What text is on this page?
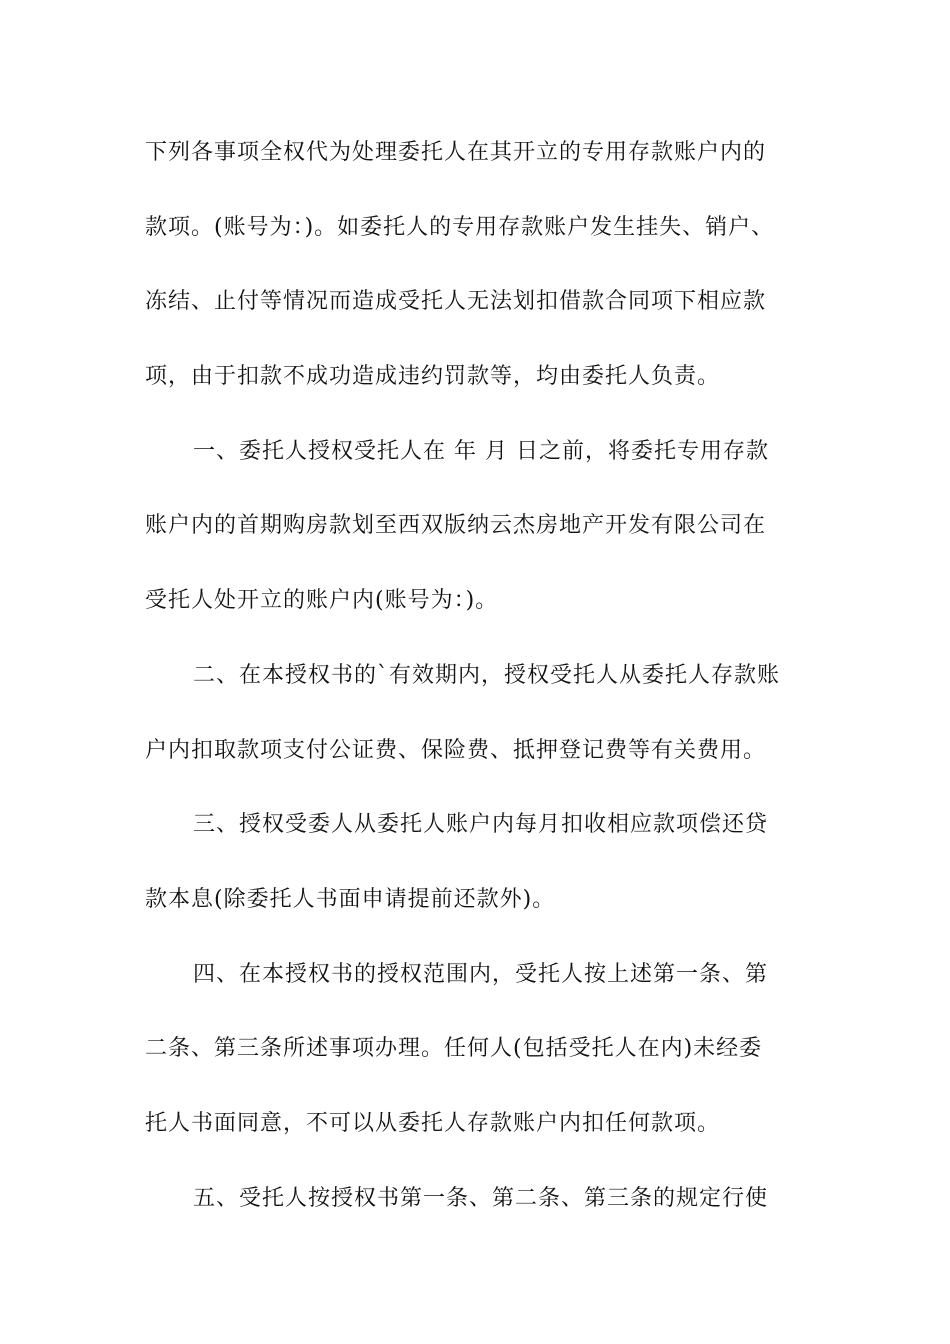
下列各事项全权代为处理委托人在其开立的专用存款账户内的
款项。(账号为：)。如委托人的专用存款账户发生挂失、销户、
冻结、止付等情况而造成受托人无法划扣借款合同项下相应款
项，由于扣款不成功造成违约罚款等，均由委托人负责。
一、委托人授权受托人在 年 月 日之前，将委托专用存款
账户内的首期购房款划至西双版纳云杰房地产开发有限公司在
受托人处开立的账户内(账号为：)。
二、在本授权书的`有效期内，授权受托人从委托人存款账
户内扣取款项支付公证费、保险费、抵押登记费等有关费用。
三、授权受委人从委托人账户内每月扣收相应款项偿还贷
款本息(除委托人书面申请提前还款外)。
四、在本授权书的授权范围内，受托人按上述第一条、第
二条、第三条所述事项办理。任何人(包括受托人在内)未经委
托人书面同意，不可以从委托人存款账户内扣任何款项。
五、受托人按授权书第一条、第二条、第三条的规定行使
